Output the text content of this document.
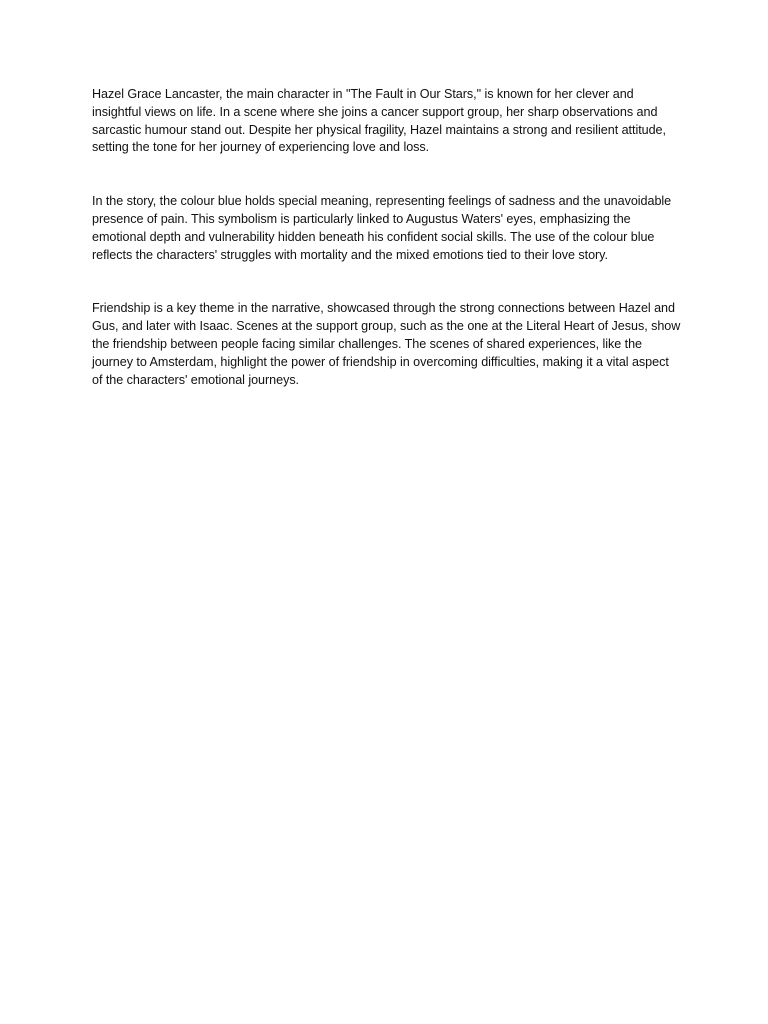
Hazel Grace Lancaster, the main character in "The Fault in Our Stars," is known for her clever and insightful views on life. In a scene where she joins a cancer support group, her sharp observations and sarcastic humour stand out. Despite her physical fragility, Hazel maintains a strong and resilient attitude, setting the tone for her journey of experiencing love and loss.

In the story, the colour blue holds special meaning, representing feelings of sadness and the unavoidable presence of pain. This symbolism is particularly linked to Augustus Waters' eyes, emphasizing the emotional depth and vulnerability hidden beneath his confident social skills. The use of the colour blue reflects the characters' struggles with mortality and the mixed emotions tied to their love story.

Friendship is a key theme in the narrative, showcased through the strong connections between Hazel and Gus, and later with Isaac. Scenes at the support group, such as the one at the Literal Heart of Jesus, show the friendship between people facing similar challenges. The scenes of shared experiences, like the journey to Amsterdam, highlight the power of friendship in overcoming difficulties, making it a vital aspect of the characters' emotional journeys.
